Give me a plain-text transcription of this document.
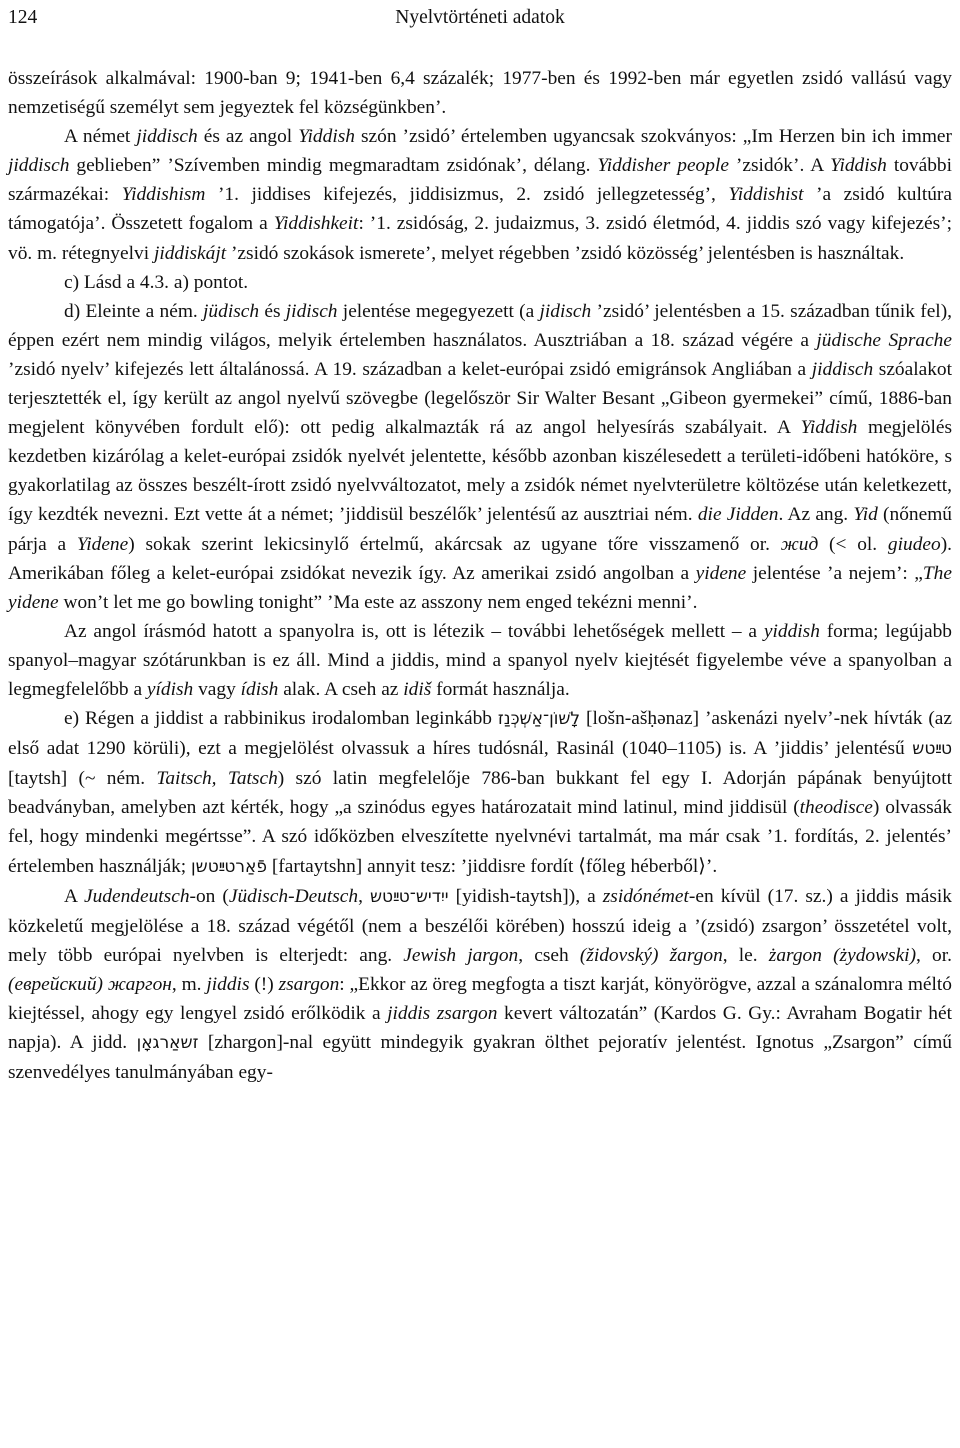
124	Nyelvtörténeti adatok

összeírások alkalmával: 1900-ban 9; 1941-ben 6,4 százalék; 1977-ben és 1992-ben már egyetlen zsidó vallású vagy nemzetiségű személyt sem jegyeztek fel községünkben’.

A német jiddisch és az angol Yiddish szón ’zsidó’ értelemben ugyancsak szokványos: „Im Herzen bin ich immer jiddisch geblieben” ’Szívemben mindig megmaradtam zsidónak’, délang. Yiddisher people ’zsidók’. A Yiddish további származékai: Yiddishism ’1. jiddises kifejezés, jiddisizmus, 2. zsidó jellegzetesség’, Yiddishist ’a zsidó kultúra támogatója’. Összetett fogalom a Yiddishkeit: ’1. zsidóság, 2. judaizmus, 3. zsidó életmód, 4. jiddis szó vagy kifejezés’; vö. m. rétegnyelvi jiddiskájt ’zsidó szokások ismerete’, melyet régebben ’zsidó közösség’ jelentésben is használtak.

c) Lásd a 4.3. a) pontot.

d) Eleinte a ném. jüdisch és jidisch jelentése megegyezett (a jidisch ’zsidó’ jelentésben a 15. században tűnik fel), éppen ezért nem mindig világos, melyik értelemben használatos. Ausztriában a 18. század végére a jüdische Sprache ’zsidó nyelv’ kifejezés lett általánossá. A 19. században a kelet-európai zsidó emigránsok Angliában a jiddisch szóalakot terjesztették el, így került az angol nyelvű szövegbe (legelőször Sir Walter Besant „Gibeon gyermekei” című, 1886-ban megjelent könyvében fordult elő): ott pedig alkalmazták rá az angol helyesírás szabályait. A Yiddish megjelölés kezdetben kizárólag a kelet-európai zsidók nyelvét jelentette, később azonban kiszélesedett a területi-időbeni hatóköre, s gyakorlatilag az összes beszélt-írott zsidó nyelvváltozatot, mely a zsidók német nyelvterületre költözése után keletkezett, így kezdték nevezni. Ezt vette át a német; ’jiddisül beszélők’ jelentésű az ausztriai ném. die Jidden. Az ang. Yid (nőnemű párja a Yidene) sokak szerint lekicsinylő értelmű, akárcsak az ugyane tőre visszamenő or. жид (< ol. giudeo). Amerikában főleg a kelet-európai zsidókat nevezik így. Az amerikai zsidó angolban a yidene jelentése ’a nejem’: „The yidene won’t let me go bowling tonight” ’Ma este az asszony nem enged tekézni menni’.

Az angol írásmód hatott a spanyolra is, ott is létezik – további lehetőségek mellett – a yiddish forma; legújabb spanyol–magyar szótárunkban is ez áll. Mind a jiddis, mind a spanyol nyelv kiejtését figyelembe véve a spanyolban a legmegfelelőbb a yídish vagy ídish alak. A cseh az idiš formát használja.

e) Régen a jiddist a rabbinikus irodalomban leginkább לָשׁוֹן־אַשְׁכְּנַז [lošn-ašḥənaz] ’askenázi nyelv’-nek hívták (az első adat 1290 körüli), ezt a megjelölést olvassuk a híres tudósnál, Rasinál (1040–1105) is. A ’jiddis’ jelentésű טײַטש [taytsh] (~ ném. Taitsch, Tatsch) szó latin megfelelője 786-ban bukkant fel egy I. Adorján pápának benyújtott beadványban, amelyben azt kérték, hogy „a szinódus egyes határozatait mind latinul, mind jiddisül (theodisce) olvassák fel, hogy mindenki megértsse”. A szó időközben elveszítette nyelvnévi tartalmát, ma már csak ’1. fordítás, 2. jelentés’ értelemben használják; פֿאַרטײַטשן [fartaytshn] annyit tesz: ’jiddisre fordít ⟨főleg héberből⟩’.

A Judendeutsch-on (Jüdisch-Deutsch, ייִדיש־טײַטש [yidish-taytsh]), a zsidónémet-en kívül (17. sz.) a jiddis másik közkeletű megjelölése a 18. század végétől (nem a beszélői körében) hosszú ideig a ’(zsidó) zsargon’ összetétel volt, mely több európai nyelvben is elterjedt: ang. Jewish jargon, cseh (židovský) žargon, le. żargon (żydowski), or. (еврейский) жаргон, m. jiddis (!) zsargon: „Ekkor az öreg megfogta a tiszt karját, könyörögve, azzal a szánalomra méltó kiejtéssel, ahogy egy lengyel zsidó erőlködik a jiddis zsargon kevert változatán” (Kardos G. Gy.: Avraham Bogatir hét napja). A jidd. זשאַרגאָן [zhargon]-nal együtt mindegyik gyakran ölthet pejoratív jelentést. Ignotus „Zsargon” című szenvedélyes tanulmányában egy-
